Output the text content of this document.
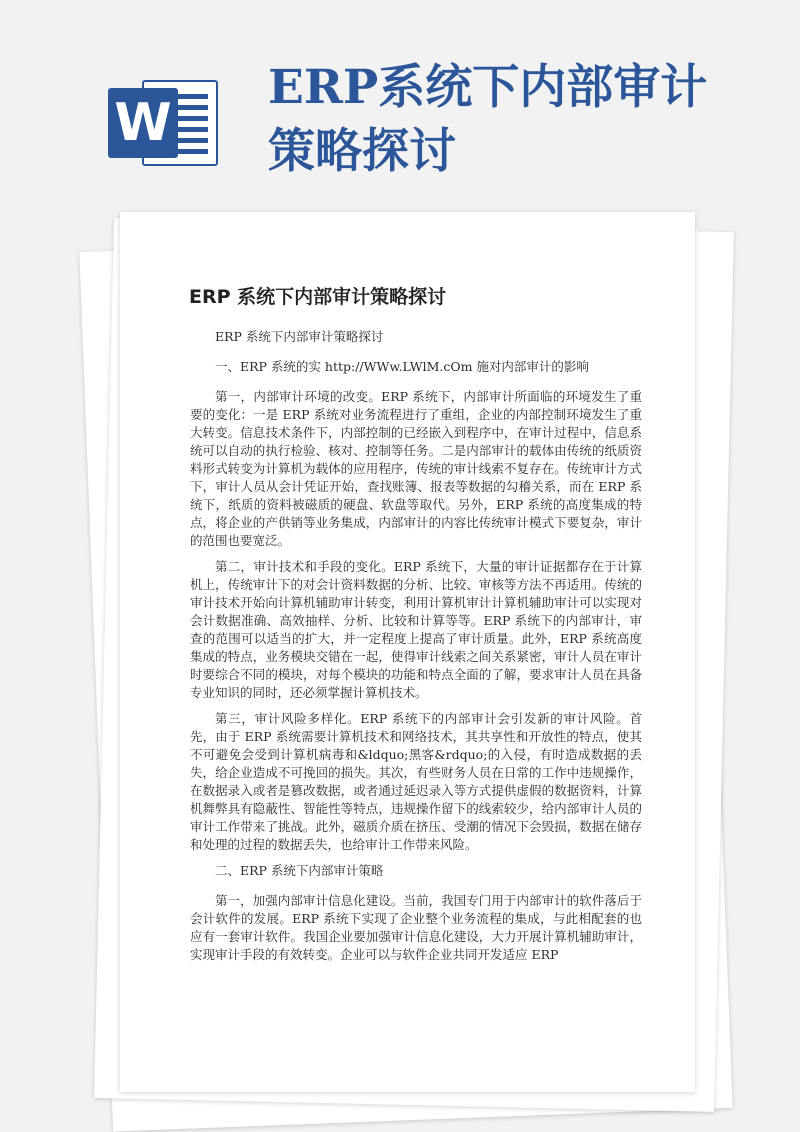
W
ERP系统下内部审计策略探讨
ERP 系统下内部审计策略探讨

ERP 系统下内部审计策略探讨

一、ERP 系统的实 http://WWw.LWlM.cOm 施对内部审计的影响

第一，内部审计环境的改变。ERP 系统下，内部审计所面临的环境发生了重要的变化：一是 ERP 系统对业务流程进行了重组，企业的内部控制环境发生了重大转变。信息技术条件下，内部控制的已经嵌入到程序中，在审计过程中，信息系统可以自动的执行检验、核对、控制等任务。二是内部审计的载体由传统的纸质资料形式转变为计算机为载体的应用程序，传统的审计线索不复存在。传统审计方式下，审计人员从会计凭证开始，查找账簿、报表等数据的勾稽关系，而在 ERP 系统下，纸质的资料被磁质的硬盘、软盘等取代。另外，ERP 系统的高度集成的特点，将企业的产供销等业务集成，内部审计的内容比传统审计模式下要复杂，审计的范围也要宽泛。

第二，审计技术和手段的变化。ERP 系统下，大量的审计证据都存在于计算机上，传统审计下的对会计资料数据的分析、比较、审核等方法不再适用。传统的审计技术开始向计算机辅助审计转变，利用计算机审计计算机辅助审计可以实现对会计数据准确、高效抽样、分析、比较和计算等等。ERP 系统下的内部审计，审查的范围可以适当的扩大，并一定程度上提高了审计质量。此外，ERP 系统高度集成的特点，业务模块交错在一起，使得审计线索之间关系紧密，审计人员在审计时要综合不同的模块，对每个模块的功能和特点全面的了解，要求审计人员在具备专业知识的同时，还必须掌握计算机技术。

第三，审计风险多样化。ERP 系统下的内部审计会引发新的审计风险。首先，由于 ERP 系统需要计算机技术和网络技术，其共享性和开放性的特点，使其不可避免会受到计算机病毒和&ldquo;黑客&rdquo;的入侵，有时造成数据的丢失，给企业造成不可挽回的损失。其次，有些财务人员在日常的工作中违规操作，在数据录入或者是篡改数据，或者通过延迟录入等方式提供虚假的数据资料，计算机舞弊具有隐蔽性、智能性等特点，违规操作留下的线索较少，给内部审计人员的审计工作带来了挑战。此外，磁质介质在挤压、受潮的情况下会毁损，数据在储存和处理的过程的数据丢失，也给审计工作带来风险。

二、ERP 系统下内部审计策略

第一，加强内部审计信息化建设。当前，我国专门用于内部审计的软件落后于会计软件的发展。ERP 系统下实现了企业整个业务流程的集成，与此相配套的也应有一套审计软件。我国企业要加强审计信息化建设，大力开展计算机辅助审计，实现审计手段的有效转变。企业可以与软件企业共同开发适应 ERP
